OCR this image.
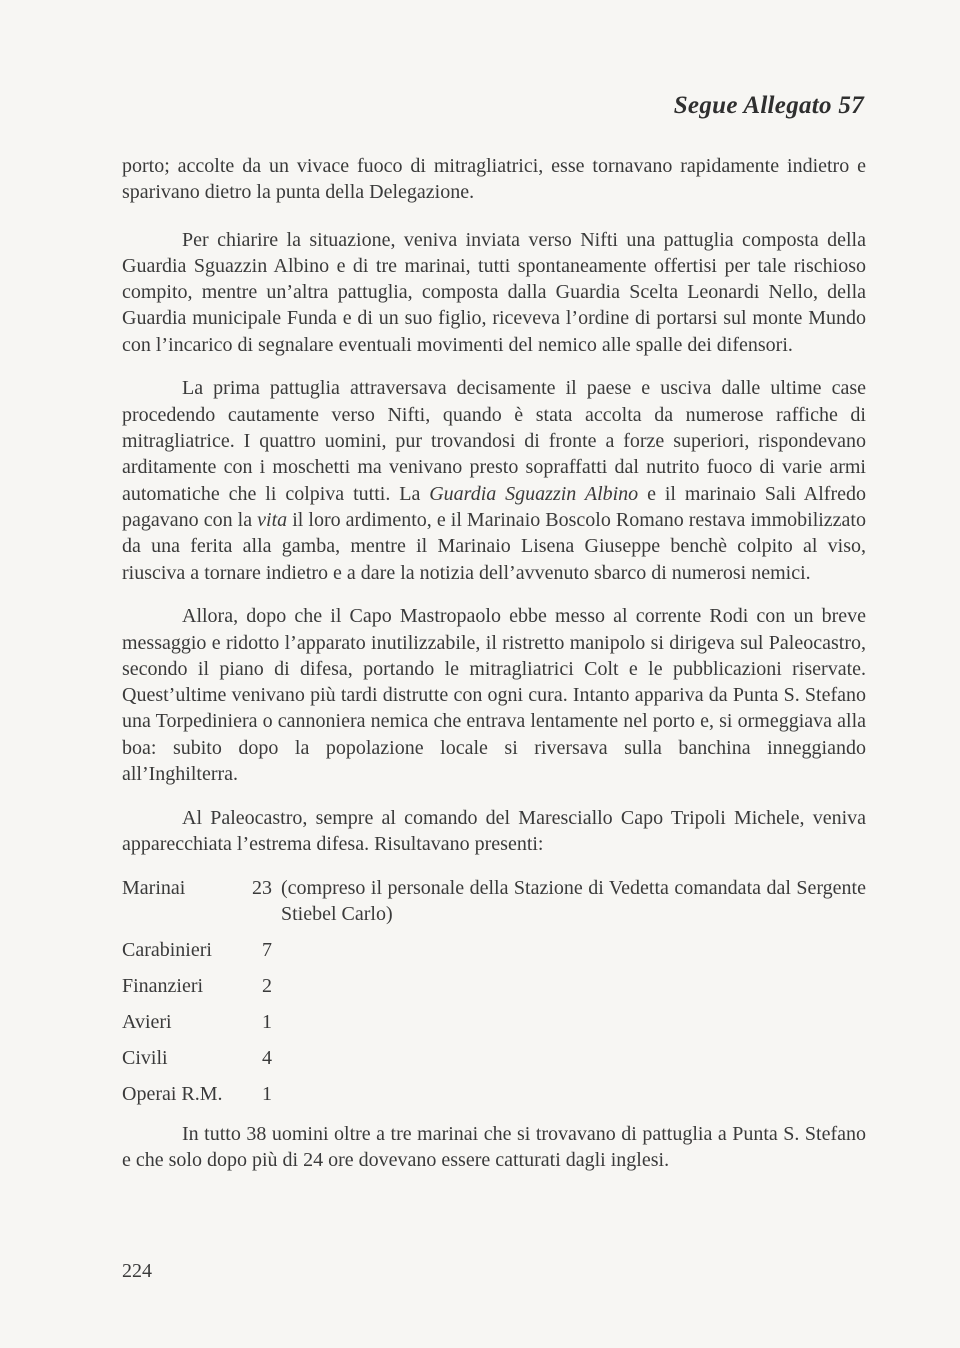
Segue Allegato 57

porto; accolte da un vivace fuoco di mitragliatrici, esse tornavano rapidamente indietro e sparivano dietro la punta della Delegazione.

Per chiarire la situazione, veniva inviata verso Nifti una pattuglia composta della Guardia Sguazzin Albino e di tre marinai, tutti spontaneamente offertisi per tale rischioso compito, mentre un’altra pattuglia, composta dalla Guardia Scelta Leonardi Nello, della Guardia municipale Funda e di un suo figlio, riceveva l’ordine di portarsi sul monte Mundo con l’incarico di segnalare eventuali movimenti del nemico alle spalle dei difensori.

La prima pattuglia attraversava decisamente il paese e usciva dalle ultime case procedendo cautamente verso Nifti, quando è stata accolta da numerose raffiche di mitragliatrice. I quattro uomini, pur trovandosi di fronte a forze superiori, rispondevano arditamente con i moschetti ma venivano presto sopraffatti dal nutrito fuoco di varie armi automatiche che li colpiva tutti. La Guardia Sguazzin Albino e il marinaio Sali Alfredo pagavano con la vita il loro ardimento, e il Marinaio Boscolo Romano restava immobilizzato da una ferita alla gamba, mentre il Marinaio Lisena Giuseppe benchè colpito al viso, riusciva a tornare indietro e a dare la notizia dell’avvenuto sbarco di numerosi nemici.

Allora, dopo che il Capo Mastropaolo ebbe messo al corrente Rodi con un breve messaggio e ridotto l’apparato inutilizzabile, il ristretto manipolo si dirigeva sul Paleocastro, secondo il piano di difesa, portando le mitragliatrici Colt e le pubblicazioni riservate. Quest’ultime venivano più tardi distrutte con ogni cura. Intanto appariva da Punta S. Stefano una Torpediniera o cannoniera nemica che entrava lentamente nel porto e, si ormeggiava alla boa: subito dopo la popolazione locale si riversava sulla banchina inneggiando all’Inghilterra.

Al Paleocastro, sempre al comando del Maresciallo Capo Tripoli Michele, veniva apparecchiata l’estrema difesa. Risultavano presenti:

Marinai	23 (compreso il personale della Stazione di Vedetta comandata dal Sergente Stiebel Carlo)
Carabinieri	7
Finanzieri	2
Avieri	1
Civili	4
Operai R.M.	1

In tutto 38 uomini oltre a tre marinai che si trovavano di pattuglia a Punta S. Stefano e che solo dopo più di 24 ore dovevano essere catturati dagli inglesi.

224
